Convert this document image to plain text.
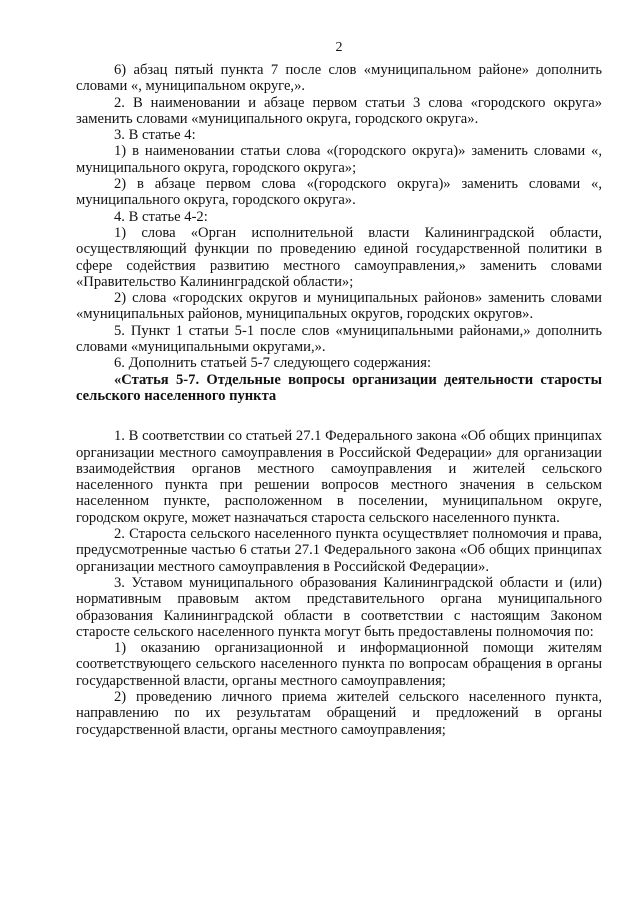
2

6) абзац пятый пункта 7 после слов «муниципальном районе» дополнить словами «, муниципальном округе,».

2. В наименовании и абзаце первом статьи 3 слова «городского округа» заменить словами «муниципального округа, городского округа».

3. В статье 4:

1) в наименовании статьи слова «(городского округа)» заменить словами «, муниципального округа, городского округа»;

2) в абзаце первом слова «(городского округа)» заменить словами «, муниципального округа, городского округа».

4. В статье 4-2:

1) слова «Орган исполнительной власти Калининградской области, осуществляющий функции по проведению единой государственной политики в сфере содействия развитию местного самоуправления,» заменить словами «Правительство Калининградской области»;

2) слова «городских округов и муниципальных районов» заменить словами «муниципальных районов, муниципальных округов, городских округов».

5. Пункт 1 статьи 5-1 после слов «муниципальными районами,» дополнить словами «муниципальными округами,».

6. Дополнить статьей 5-7 следующего содержания:

«Статья 5-7. Отдельные вопросы организации деятельности старосты сельского населенного пункта

1. В соответствии со статьей 27.1 Федерального закона «Об общих принципах организации местного самоуправления в Российской Федерации» для организации взаимодействия органов местного самоуправления и жителей сельского населенного пункта при решении вопросов местного значения в сельском населенном пункте, расположенном в поселении, муниципальном округе, городском округе, может назначаться староста сельского населенного пункта.

2. Староста сельского населенного пункта осуществляет полномочия и права, предусмотренные частью 6 статьи 27.1 Федерального закона «Об общих принципах организации местного самоуправления в Российской Федерации».

3. Уставом муниципального образования Калининградской области и (или) нормативным правовым актом представительного органа муниципального образования Калининградской области в соответствии с настоящим Законом старосте сельского населенного пункта могут быть предоставлены полномочия по:

1) оказанию организационной и информационной помощи жителям соответствующего сельского населенного пункта по вопросам обращения в органы государственной власти, органы местного самоуправления;

2) проведению личного приема жителей сельского населенного пункта, направлению по их результатам обращений и предложений в органы государственной власти, органы местного самоуправления;
